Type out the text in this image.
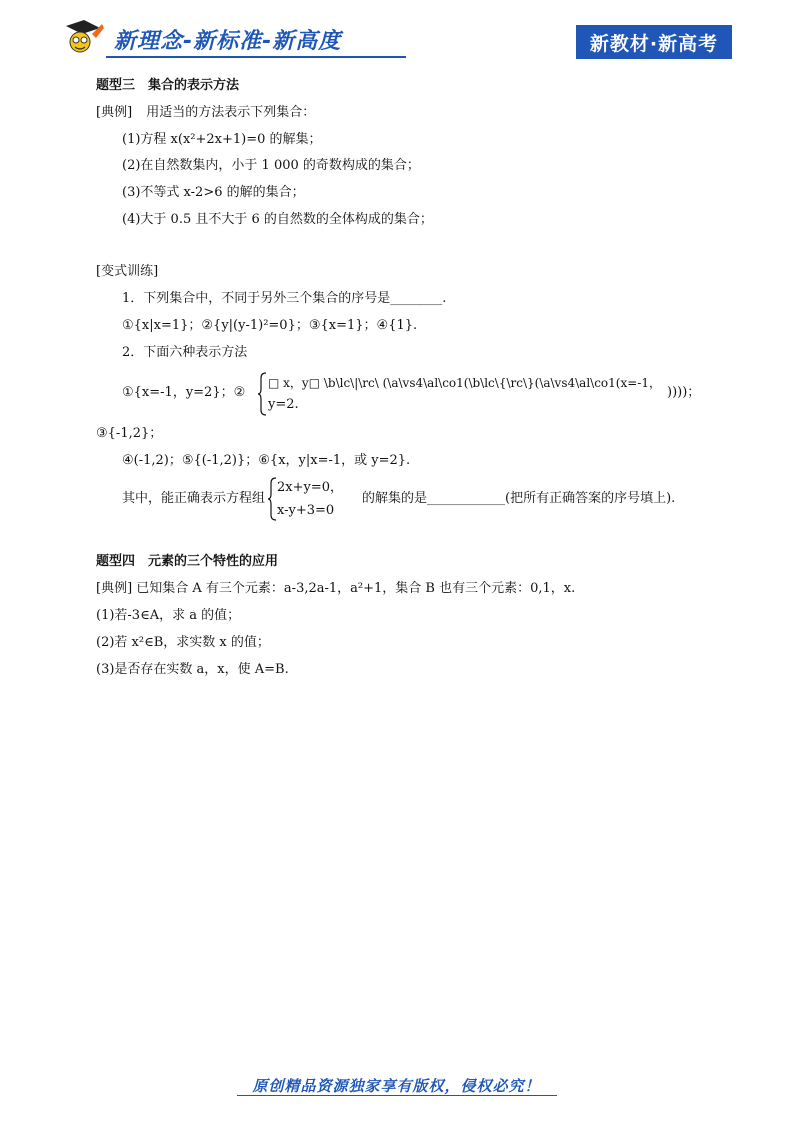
新理念-新标准-新高度	新教材·新高考
题型三　集合的表示方法
[典例] 用适当的方法表示下列集合：
(1)方程 x(x²+2x+1)=0 的解集；
(2)在自然数集内，小于 1 000 的奇数构成的集合；
(3)不等式 x-2>6 的解的集合；
(4)大于 0.5 且不大于 6 的自然数的全体构成的集合；
[变式训练]
1．下列集合中，不同于另外三个集合的序号是________.
①{x|x=1}；②{y|(y-1)²=0}；③{x=1}；④{1}.
2．下面六种表示方法
①{x=-1，y=2}；②
□ x，y□ \b\lc\|\rc\ (\a\vs4\al\co1(\b\lc\{\rc\}(\a\vs4\al\co1(x=-1，
y=2.
))))；
③{-1,2}；
④(-1,2)；⑤{(-1,2)}；⑥{x，y|x=-1，或 y=2}.
其中，能正确表示方程组
2x+y=0，
x-y+3=0
的解集的是____________(把所有正确答案的序号填上).
题型四　元素的三个特性的应用
[典例] 已知集合 A 有三个元素：a-3,2a-1，a²+1，集合 B 也有三个元素：0,1，x.
(1)若-3∈A，求 a 的值；
(2)若 x²∈B，求实数 x 的值；
(3)是否存在实数 a，x，使 A=B.
原创精品资源独家享有版权，侵权必究！
